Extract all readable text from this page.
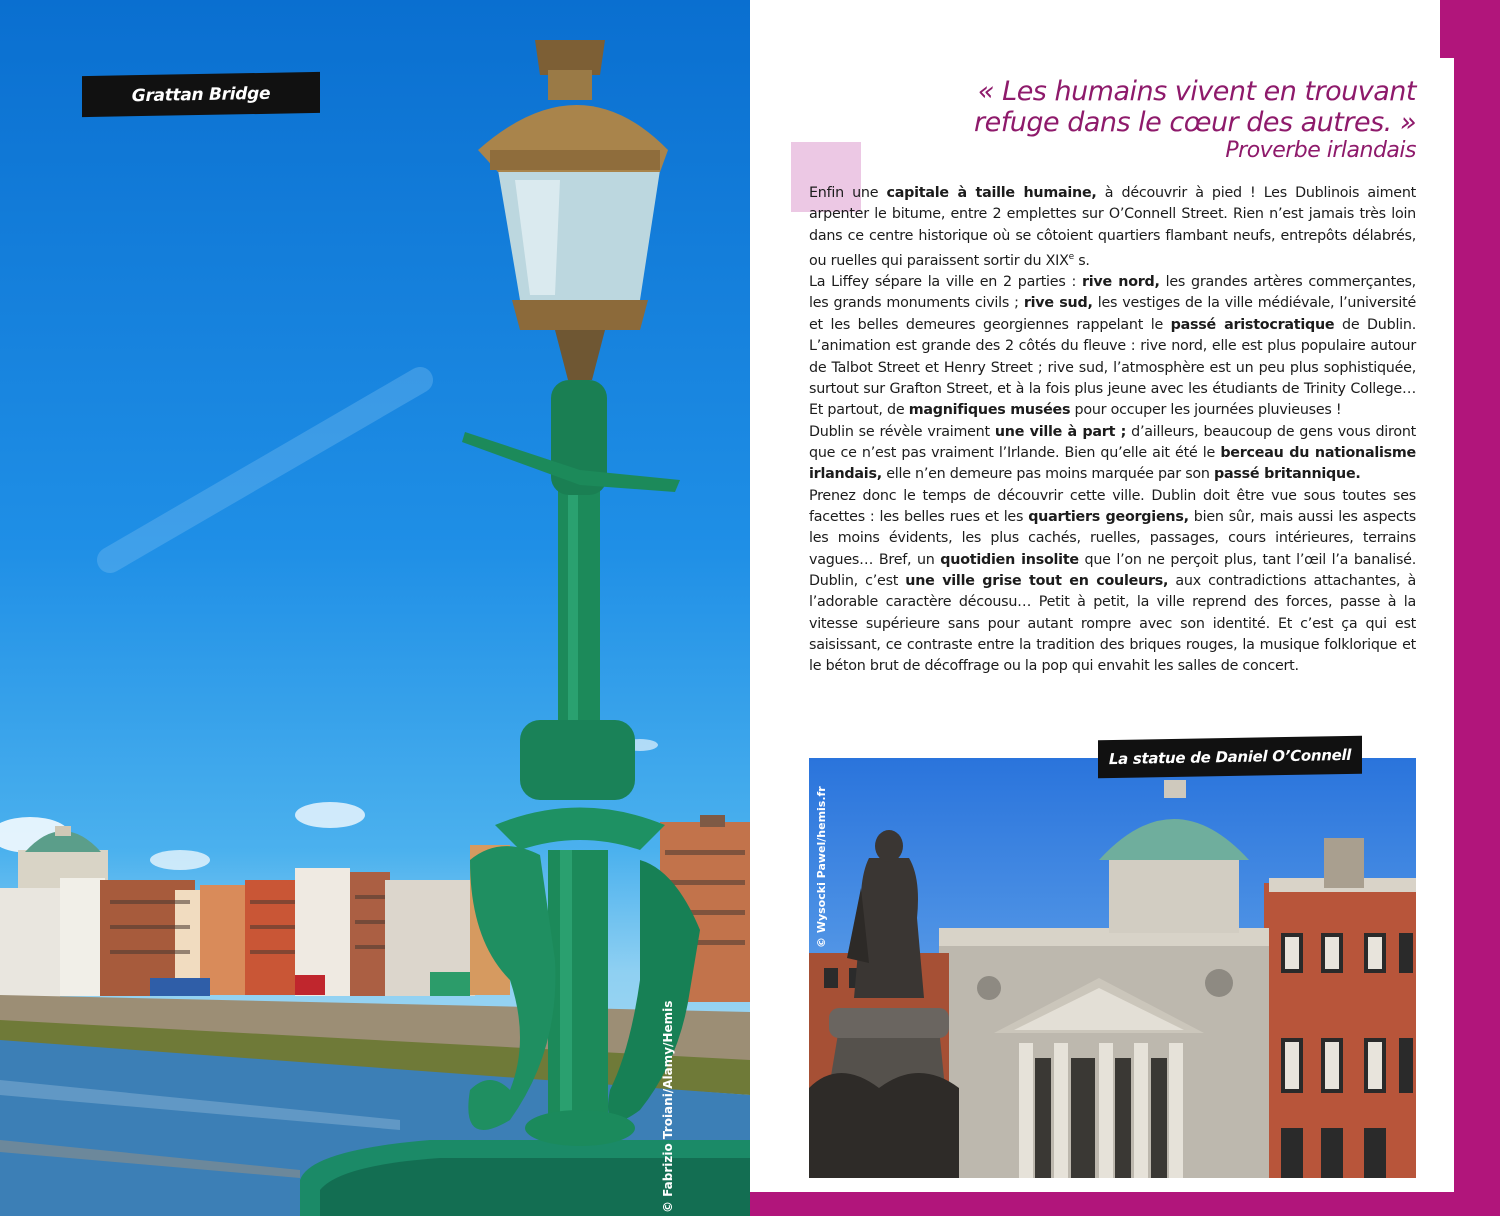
Grattan Bridge
© Fabrizio Troiani/Alamy/Hemis
11
« Les humains vivent en trouvant
refuge dans le cœur des autres. »
Proverbe irlandais

Enfin une capitale à taille humaine, à découvrir à pied ! Les Dublinois aiment arpenter le bitume, entre 2 emplettes sur O’Connell Street. Rien n’est jamais très loin dans ce centre historique où se côtoient quartiers flambant neufs, entrepôts délabrés, ou ruelles qui paraissent sortir du XIXe s.

La Liffey sépare la ville en 2 parties : rive nord, les grandes artères commerçantes, les grands monuments civils ; rive sud, les vestiges de la ville médiévale, l’université et les belles demeures georgiennes rappelant le passé aristocratique de Dublin. L’animation est grande des 2 côtés du fleuve : rive nord, elle est plus populaire autour de Talbot Street et Henry Street ; rive sud, l’atmosphère est un peu plus sophistiquée, surtout sur Grafton Street, et à la fois plus jeune avec les étudiants de Trinity College… Et partout, de magnifiques musées pour occuper les journées pluvieuses !

Dublin se révèle vraiment une ville à part ; d’ailleurs, beaucoup de gens vous diront que ce n’est pas vraiment l’Irlande. Bien qu’elle ait été le berceau du nationalisme irlandais, elle n’en demeure pas moins marquée par son passé britannique.

Prenez donc le temps de découvrir cette ville. Dublin doit être vue sous toutes ses facettes : les belles rues et les quartiers georgiens, bien sûr, mais aussi les aspects les moins évidents, les plus cachés, ruelles, passages, cours intérieures, terrains vagues… Bref, un quotidien insolite que l’on ne perçoit plus, tant l’œil l’a banalisé. Dublin, c’est une ville grise tout en couleurs, aux contradictions attachantes, à l’adorable caractère décousu… Petit à petit, la ville reprend des forces, passe à la vitesse supérieure sans pour autant rompre avec son identité. Et c’est ça qui est saisissant, ce contraste entre la tradition des briques rouges, la musique folklorique et le béton brut de décoffrage ou la pop qui envahit les salles de concert.

La statue de Daniel O’Connell
© Wysocki Pawel/hemis.fr
